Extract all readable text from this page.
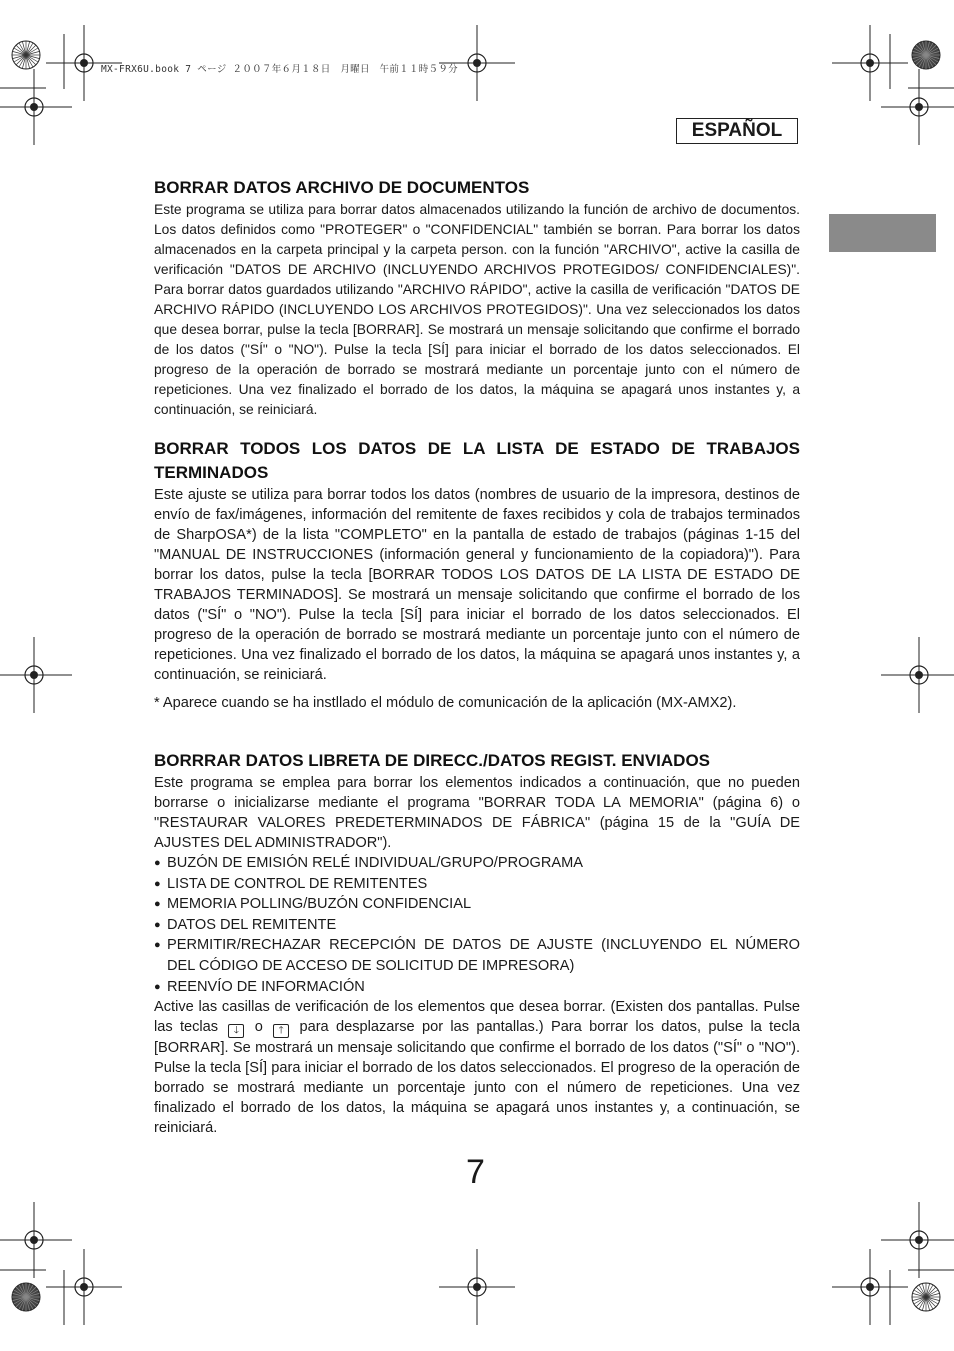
MX-FRX6U.book 7 ページ ２００７年６月１８日　月曜日　午前１１時５９分
ESPAÑOL
BORRAR DATOS ARCHIVO DE DOCUMENTOS

Este programa se utiliza para borrar datos almacenados utilizando la función de archivo de documentos. Los datos definidos como "PROTEGER" o "CONFIDENCIAL" también se borran. Para borrar los datos almacenados en la carpeta principal y la carpeta person. con la función "ARCHIVO", active la casilla de verificación "DATOS DE ARCHIVO (INCLUYENDO ARCHIVOS PROTEGIDOS/ CONFIDENCIALES)". Para borrar datos guardados utilizando "ARCHIVO RÁPIDO", active la casilla de verificación "DATOS DE ARCHIVO RÁPIDO (INCLUYENDO LOS ARCHIVOS PROTEGIDOS)". Una vez seleccionados los datos que desea borrar, pulse la tecla [BORRAR]. Se mostrará un mensaje solicitando que confirme el borrado de los datos ("SÍ" o "NO"). Pulse la tecla [SÍ] para iniciar el borrado de los datos seleccionados. El progreso de la operación de borrado se mostrará mediante un porcentaje junto con el número de repeticiones. Una vez finalizado el borrado de los datos, la máquina se apagará unos instantes y, a continuación, se reiniciará.

BORRAR TODOS LOS DATOS DE LA LISTA DE ESTADO DE TRABAJOS TERMINADOS

Este ajuste se utiliza para borrar todos los datos (nombres de usuario de la impresora, destinos de envío de fax/imágenes, información del remitente de faxes recibidos y cola de trabajos terminados de SharpOSA*) de la lista "COMPLETO" en la pantalla de estado de trabajos (páginas 1-15 del "MANUAL DE INSTRUCCIONES (información general y funcionamiento de la copiadora)"). Para borrar los datos, pulse la tecla [BORRAR TODOS LOS DATOS DE LA LISTA DE ESTADO DE TRABAJOS TERMINADOS]. Se mostrará un mensaje solicitando que confirme el borrado de los datos ("SÍ" o "NO"). Pulse la tecla [SÍ] para iniciar el borrado de los datos seleccionados. El progreso de la operación de borrado se mostrará mediante un porcentaje junto con el número de repeticiones. Una vez finalizado el borrado de los datos, la máquina se apagará unos instantes y, a continuación, se reiniciará.

* Aparece cuando se ha instllado el módulo de comunicación de la aplicación (MX-AMX2).
BORRRAR DATOS LIBRETA DE DIRECC./DATOS REGIST. ENVIADOS

Este programa se emplea para borrar los elementos indicados a continuación, que no pueden borrarse o inicializarse mediante el programa "BORRAR TODA LA MEMORIA" (página 6) o "RESTAURAR VALORES PREDETERMINADOS DE FÁBRICA" (página 15 de la "GUÍA DE AJUSTES DEL ADMINISTRADOR").

● BUZÓN DE EMISIÓN RELÉ INDIVIDUAL/GRUPO/PROGRAMA
● LISTA DE CONTROL DE REMITENTES
● MEMORIA POLLING/BUZÓN CONFIDENCIAL
● DATOS DEL REMITENTE
● PERMITIR/RECHAZAR RECEPCIÓN DE DATOS DE AJUSTE (INCLUYENDO EL NÚMERO DEL CÓDIGO DE ACCESO DE SOLICITUD DE IMPRESORA)
● REENVÍO DE INFORMACIÓN

Active las casillas de verificación de los elementos que desea borrar. (Existen dos pantallas. Pulse las teclas 🡓 o 🡑 para desplazarse por las pantallas.) Para borrar los datos, pulse la tecla [BORRAR]. Se mostrará un mensaje solicitando que confirme el borrado de los datos ("SÍ" o "NO"). Pulse la tecla [SÍ] para iniciar el borrado de los datos seleccionados. El progreso de la operación de borrado se mostrará mediante un porcentaje junto con el número de repeticiones. Una vez finalizado el borrado de los datos, la máquina se apagará unos instantes y, a continuación, se reiniciará.

7
